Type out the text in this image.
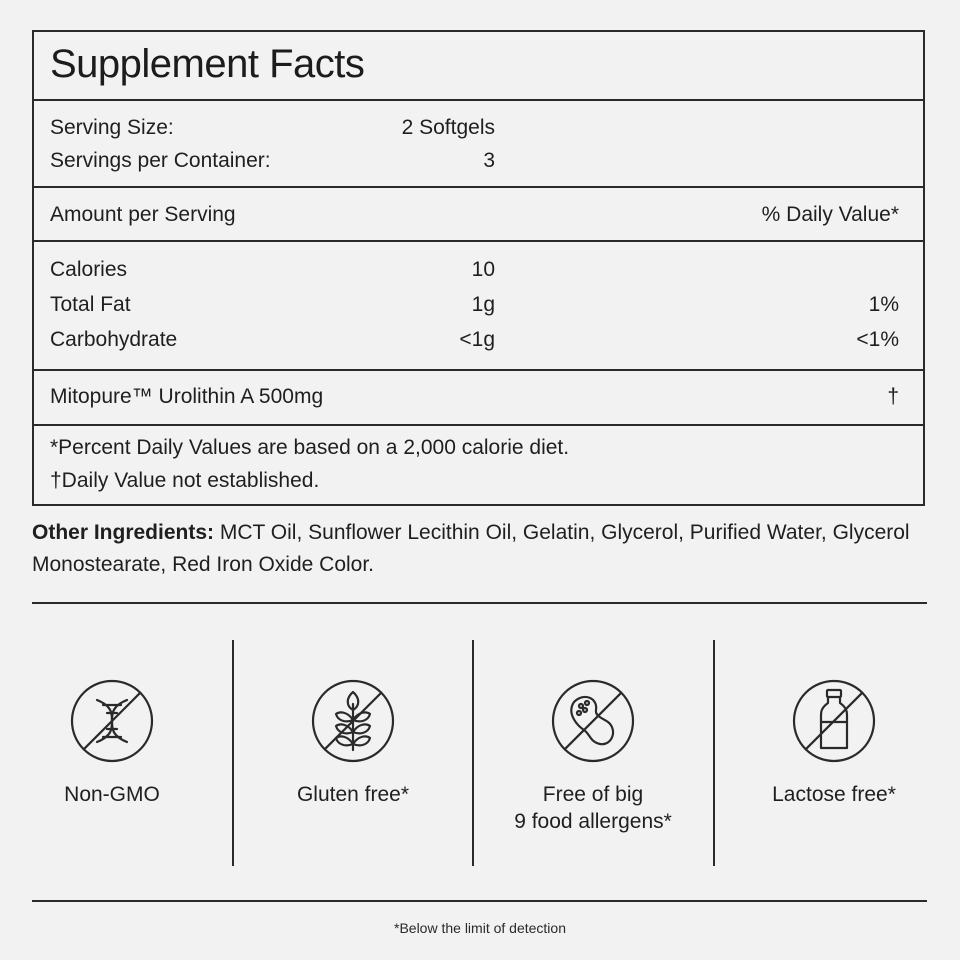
Supplement Facts
Serving Size:	2 Softgels
Servings per Container:	3
Amount per Serving	% Daily Value*
Calories	10
Total Fat	1g	1%
Carbohydrate	<1g	<1%
Mitopure™ Urolithin A 500mg	†
*Percent Daily Values are based on a 2,000 calorie diet.
†Daily Value not established.
Other Ingredients: MCT Oil, Sunflower Lecithin Oil, Gelatin, Glycerol, Purified Water, Glycerol Monostearate, Red Iron Oxide Color.
Non-GMO	Gluten free*	Free of big
9 food allergens*
Lactose free*
*Below the limit of detection
